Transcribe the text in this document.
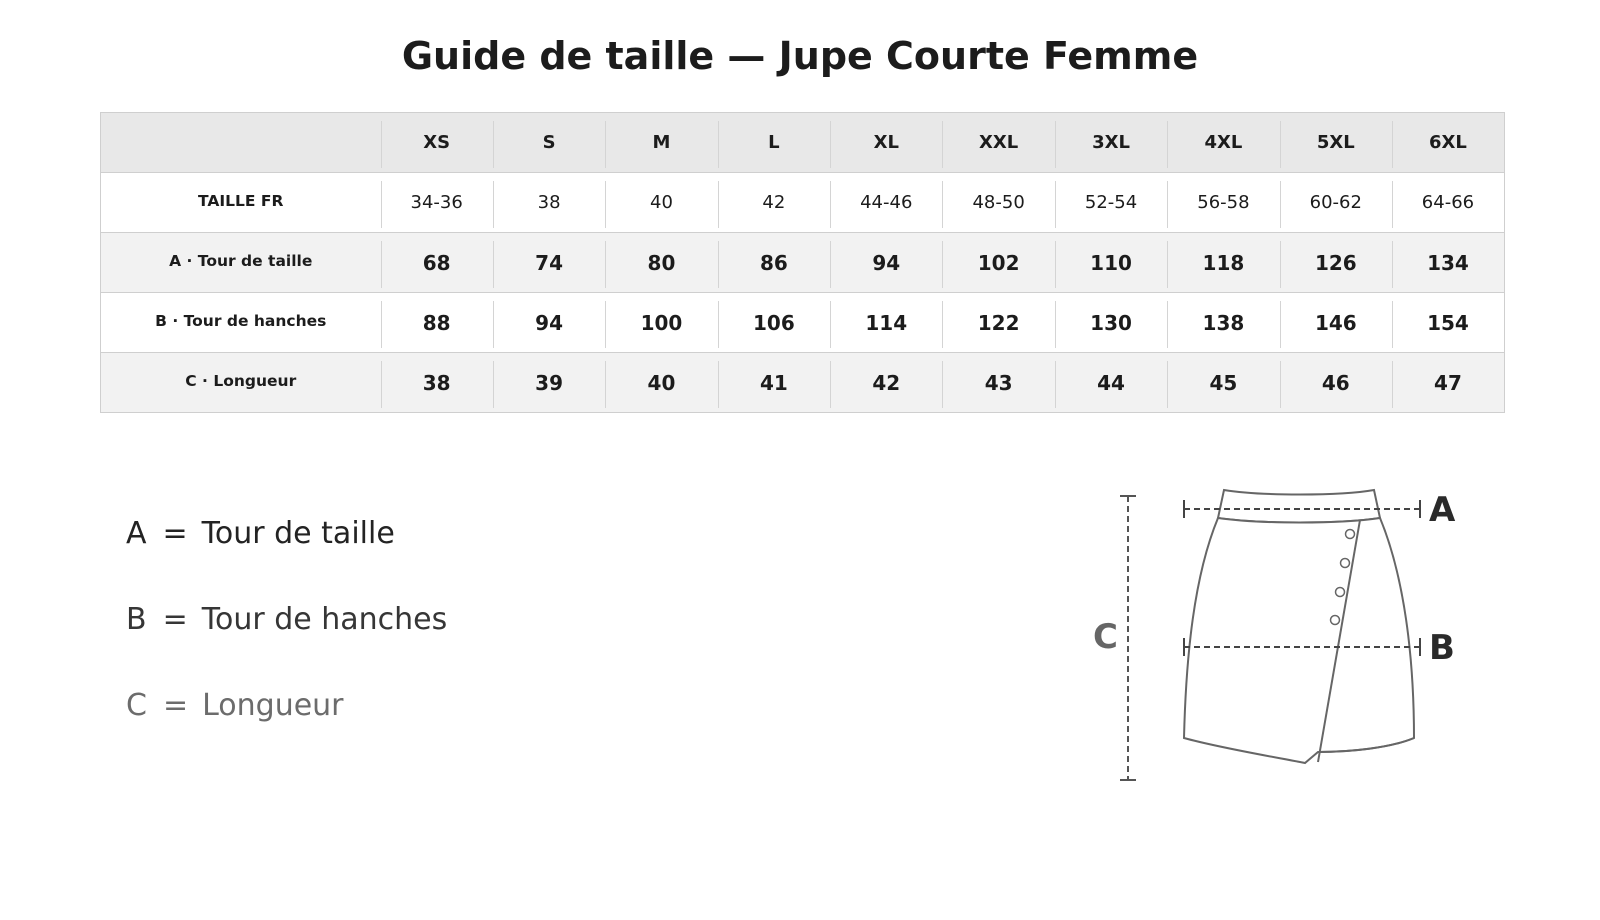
Guide de taille — Jupe Courte Femme
	XS	S	M	L	XL	XXL	3XL	4XL	5XL	6XL
TAILLE FR	34-36	38	40	42	44-46	48-50	52-54	56-58	60-62	64-66
A · Tour de taille	68	74	80	86	94	102	110	118	126	134
B · Tour de hanches	88	94	100	106	114	122	130	138	146	154
C · Longueur	38	39	40	41	42	43	44	45	46	47
A = Tour de taille
B = Tour de hanches
C = Longueur
C
A
B
